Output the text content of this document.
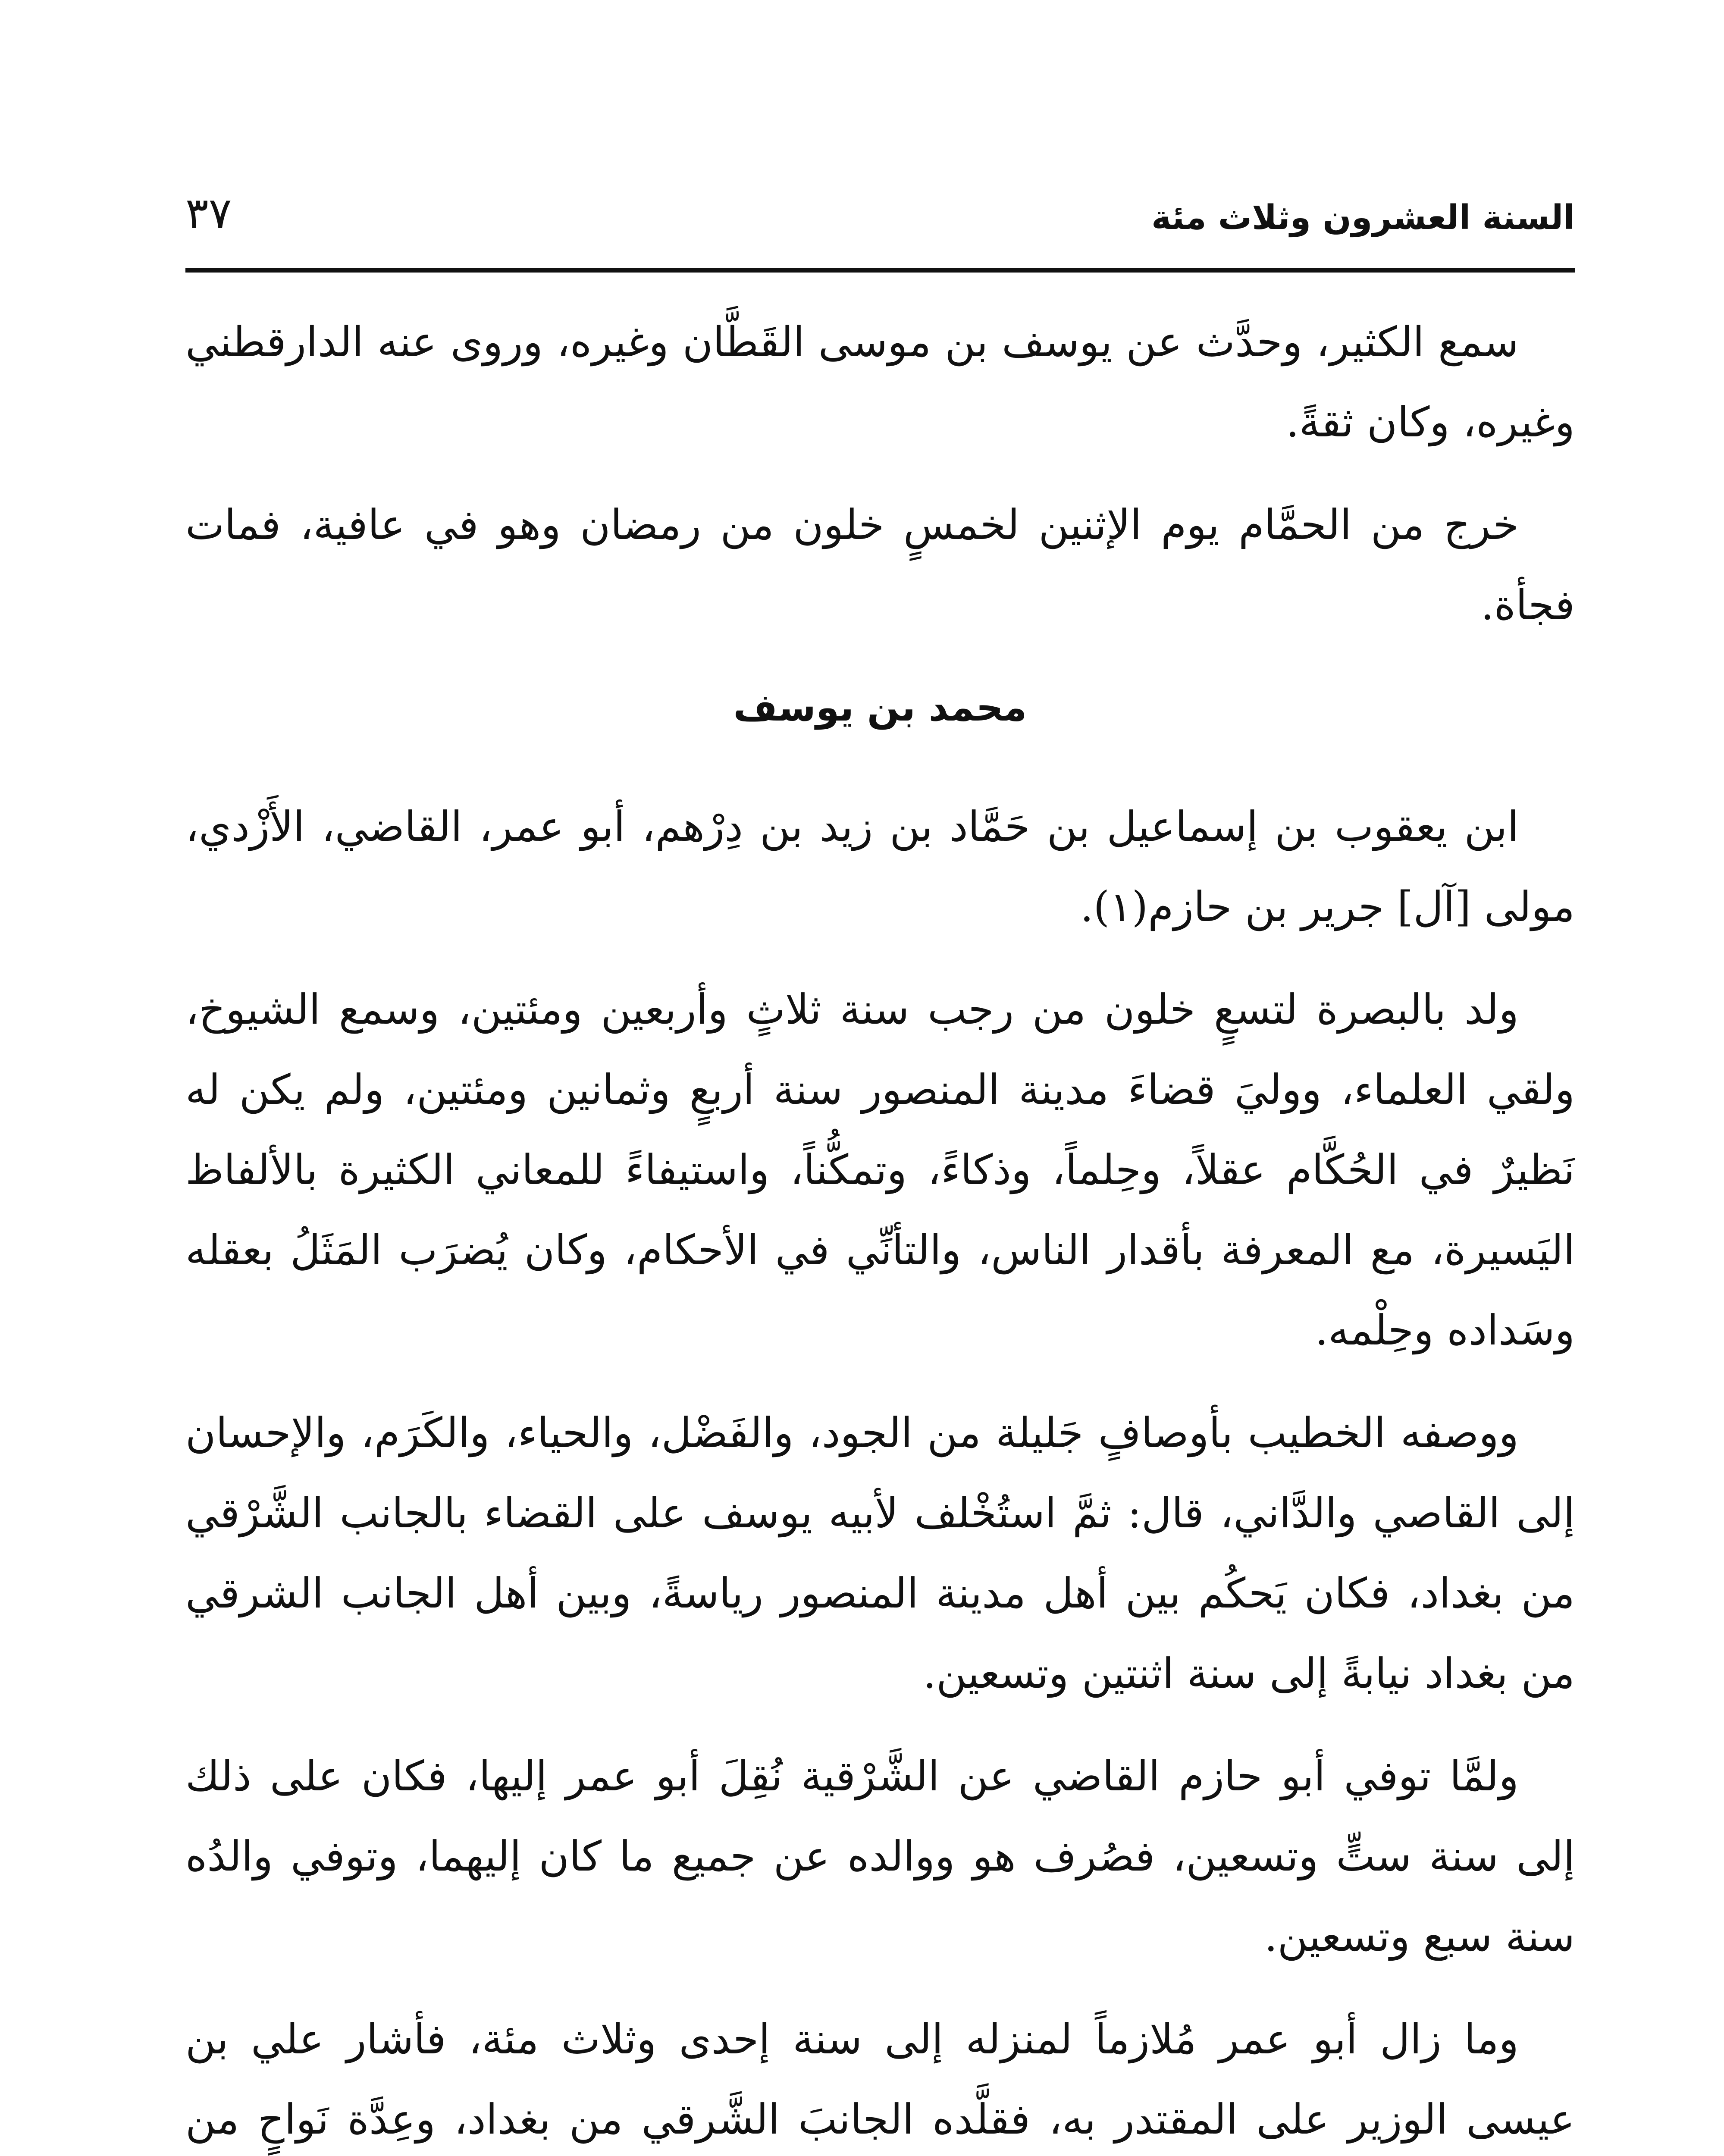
السنة العشرون وثلاث مئة
٣٧

سمع الكثير، وحدَّث عن يوسف بن موسى القَطَّان وغيره، وروى عنه الدارقطني وغيره، وكان ثقةً.

خرج من الحمَّام يوم الإثنين لخمسٍ خلون من رمضان وهو في عافية، فمات فجأة.

محمد بن يوسف

ابن يعقوب بن إسماعيل بن حَمَّاد بن زيد بن دِرْهم، أبو عمر، القاضي، الأَزْدي، مولى [آل] جرير بن حازم(١).

ولد بالبصرة لتسعٍ خلون من رجب سنة ثلاثٍ وأربعين ومئتين، وسمع الشيوخ، ولقي العلماء، ووليَ قضاءَ مدينة المنصور سنة أربعٍ وثمانين ومئتين، ولم يكن له نَظيرٌ في الحُكَّام عقلاً، وحِلماً، وذكاءً، وتمكُّناً، واستيفاءً للمعاني الكثيرة بالألفاظ اليَسيرة، مع المعرفة بأقدار الناس، والتأنِّي في الأحكام، وكان يُضرَب المَثَلُ بعقله وسَداده وحِلْمه.

ووصفه الخطيب بأوصافٍ جَليلة من الجود، والفَضْل، والحياء، والكَرَم، والإحسان إلى القاصي والدَّاني، قال: ثمَّ استُخْلف لأبيه يوسف على القضاء بالجانب الشَّرْقي من بغداد، فكان يَحكُم بين أهل مدينة المنصور رياسةً، وبين أهل الجانب الشرقي من بغداد نيابةً إلى سنة اثنتين وتسعين.

ولمَّا توفي أبو حازم القاضي عن الشَّرْقية نُقِلَ أبو عمر إليها، فكان على ذلك إلى سنة ستٍّ وتسعين، فصُرف هو ووالده عن جميع ما كان إليهما، وتوفي والدُه سنة سبع وتسعين.

وما زال أبو عمر مُلازماً لمنزله إلى سنة إحدى وثلاث مئة، فأشار علي بن عيسى الوزير على المقتدر به، فقلَّده الجانبَ الشَّرقي من بغداد، وعِدَّة نَواحٍ من
